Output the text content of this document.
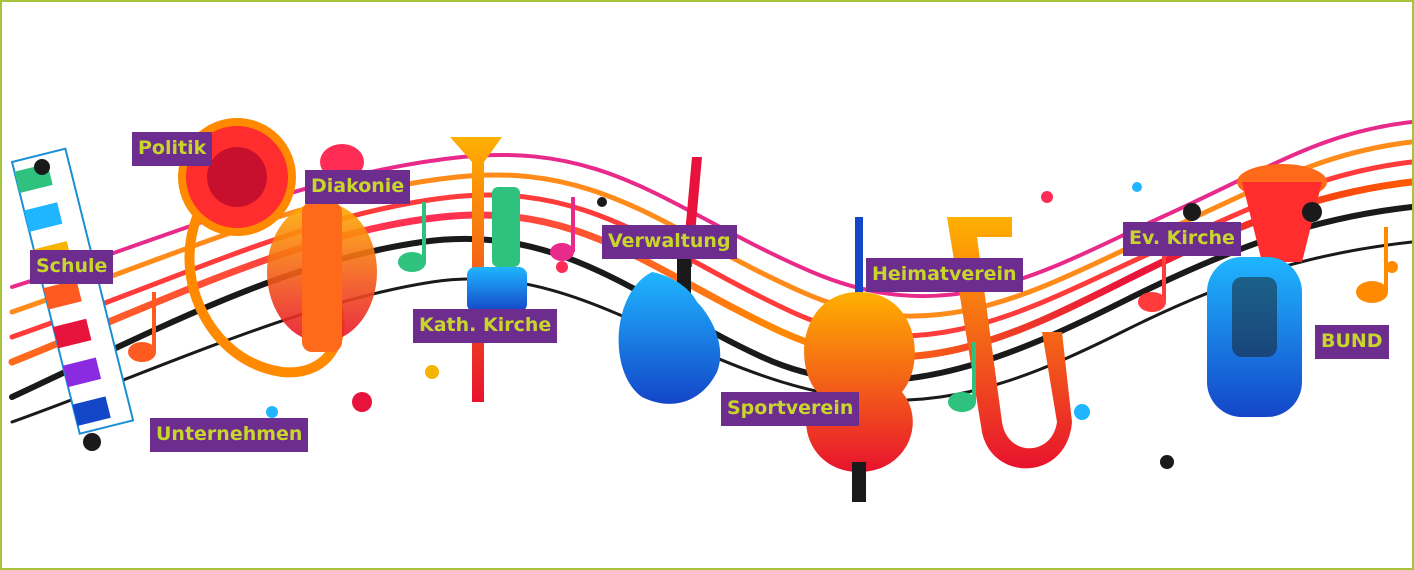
Politik
Diakonie
Schule
Unternehmen
Kath. Kirche
Verwaltung
Heimatverein
Sportverein
Ev. Kirche
BUND
